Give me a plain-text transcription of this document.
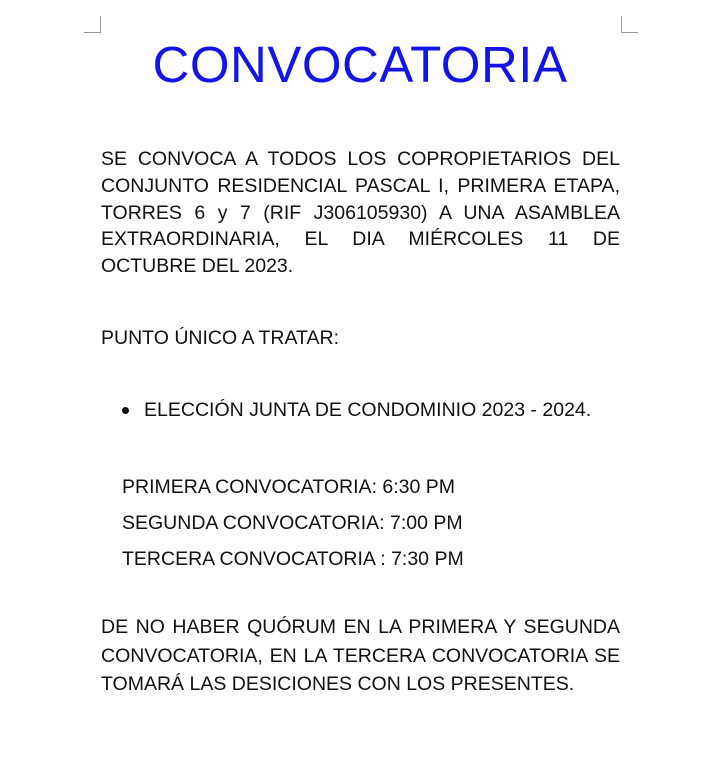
CONVOCATORIA

SE CONVOCA A TODOS LOS COPROPIETARIOS DEL CONJUNTO RESIDENCIAL PASCAL I, PRIMERA ETAPA, TORRES 6 y 7 (RIF J306105930) A UNA ASAMBLEA EXTRAORDINARIA, EL DIA MIÉRCOLES 11 DE OCTUBRE DEL 2023.

PUNTO ÚNICO A TRATAR:

ELECCIÓN JUNTA DE CONDOMINIO 2023 - 2024.
PRIMERA CONVOCATORIA: 6:30 PM
SEGUNDA CONVOCATORIA: 7:00 PM
TERCERA CONVOCATORIA : 7:30 PM

DE NO HABER QUÓRUM EN LA PRIMERA Y SEGUNDA CONVOCATORIA, EN LA TERCERA CONVOCATORIA SE TOMARÁ LAS DESICIONES CON LOS PRESENTES.
